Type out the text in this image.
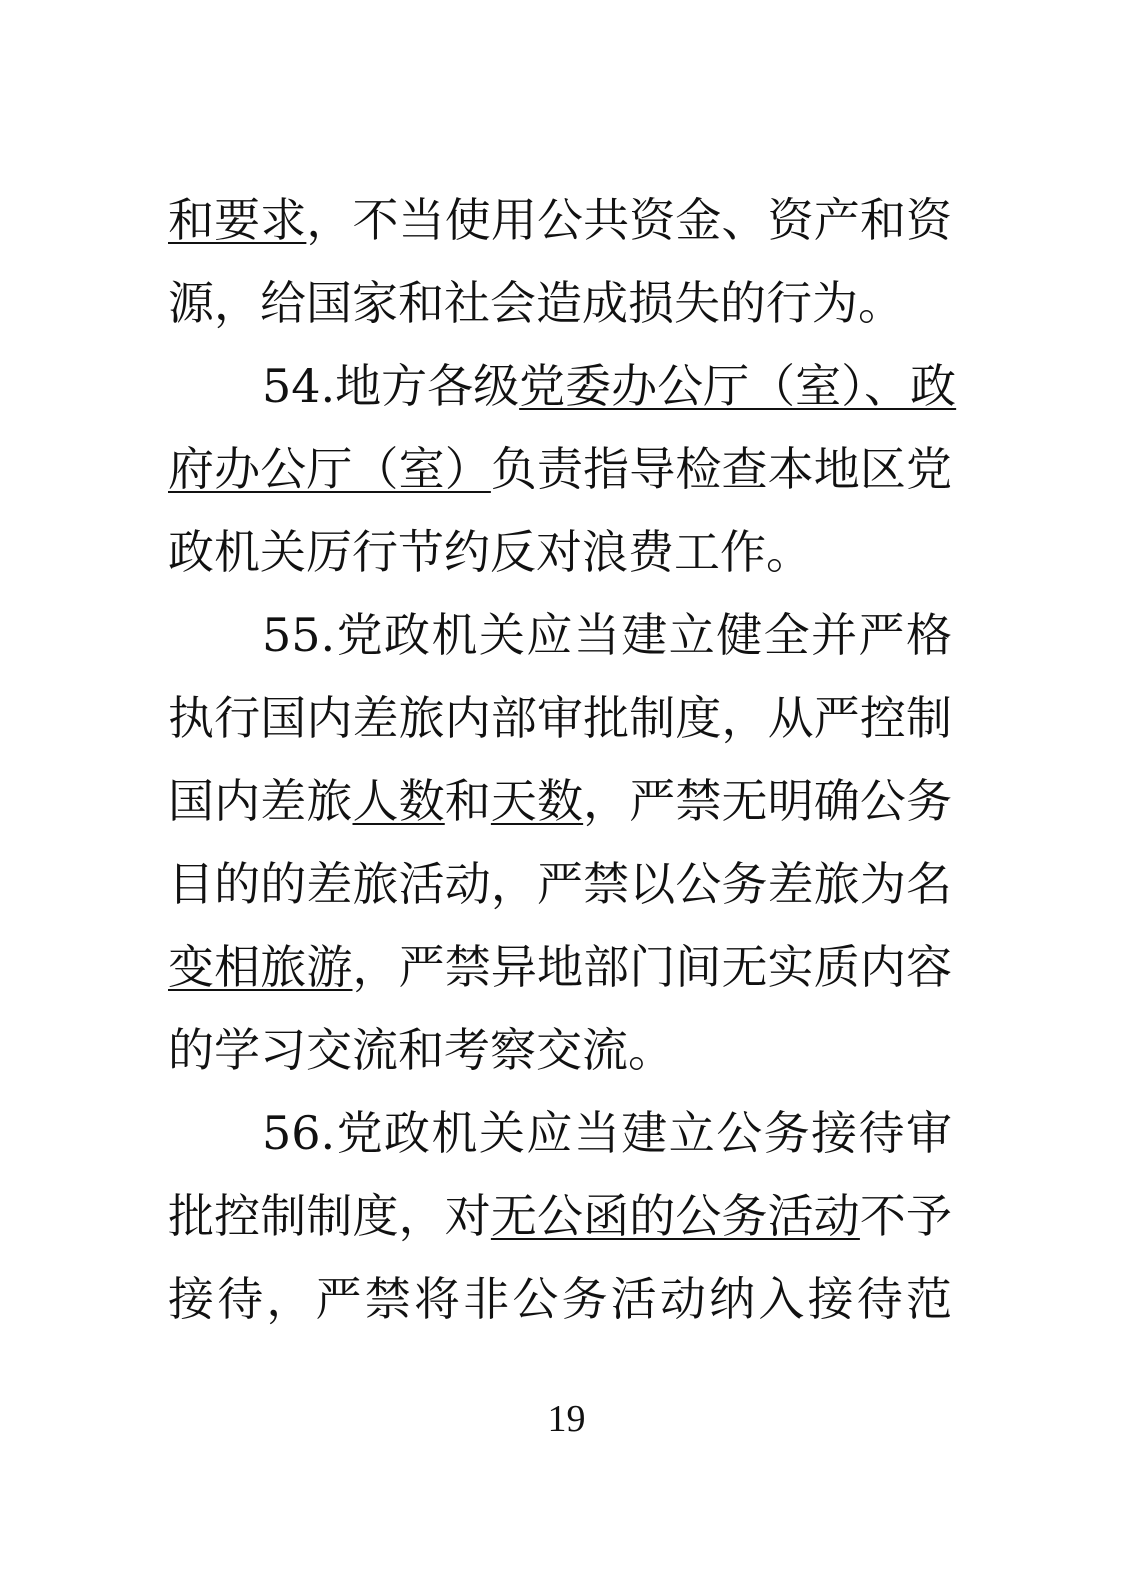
和要求，不当使用公共资金、资产和资
源，给国家和社会造成损失的行为。
54.地方各级党委办公厅（室）、政
府办公厅（室）负责指导检查本地区党
政机关厉行节约反对浪费工作。
55.党政机关应当建立健全并严格
执行国内差旅内部审批制度，从严控制
国内差旅人数和天数，严禁无明确公务
目的的差旅活动，严禁以公务差旅为名
变相旅游，严禁异地部门间无实质内容
的学习交流和考察交流。
56.党政机关应当建立公务接待审
批控制制度，对无公函的公务活动不予
接待，严禁将非公务活动纳入接待范
19
